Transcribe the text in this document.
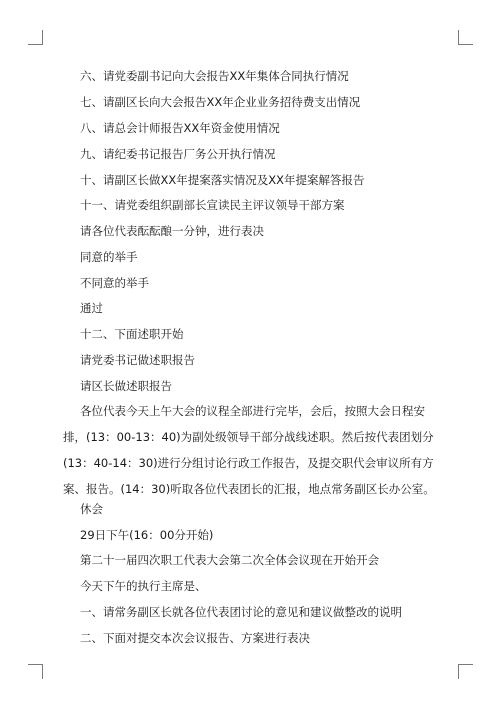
六、请党委副书记向大会报告XX年集体合同执行情况
七、请副区长向大会报告XX年企业业务招待费支出情况
八、请总会计师报告XX年资金使用情况
九、请纪委书记报告厂务公开执行情况
十、请副区长做XX年提案落实情况及XX年提案解答报告
十一、请党委组织副部长宣读民主评议领导干部方案
请各位代表酝酝酿一分钟，进行表决
同意的举手
不同意的举手
通过
十二、下面述职开始
请党委书记做述职报告
请区长做述职报告
各位代表今天上午大会的议程全部进行完毕，会后，按照大会日程安排，(13：00-13：40)为副处级领导干部分战线述职。然后按代表团划分(13：40-14：30)进行分组讨论行政工作报告，及提交职代会审议所有方案、报告。(14：30)听取各位代表团长的汇报，地点常务副区长办公室。
休会
29日下午(16：00分开始)
第二十一届四次职工代表大会第二次全体会议现在开始开会
今天下午的执行主席是、
一、请常务副区长就各位代表团讨论的意见和建议做整改的说明
二、下面对提交本次会议报告、方案进行表决
